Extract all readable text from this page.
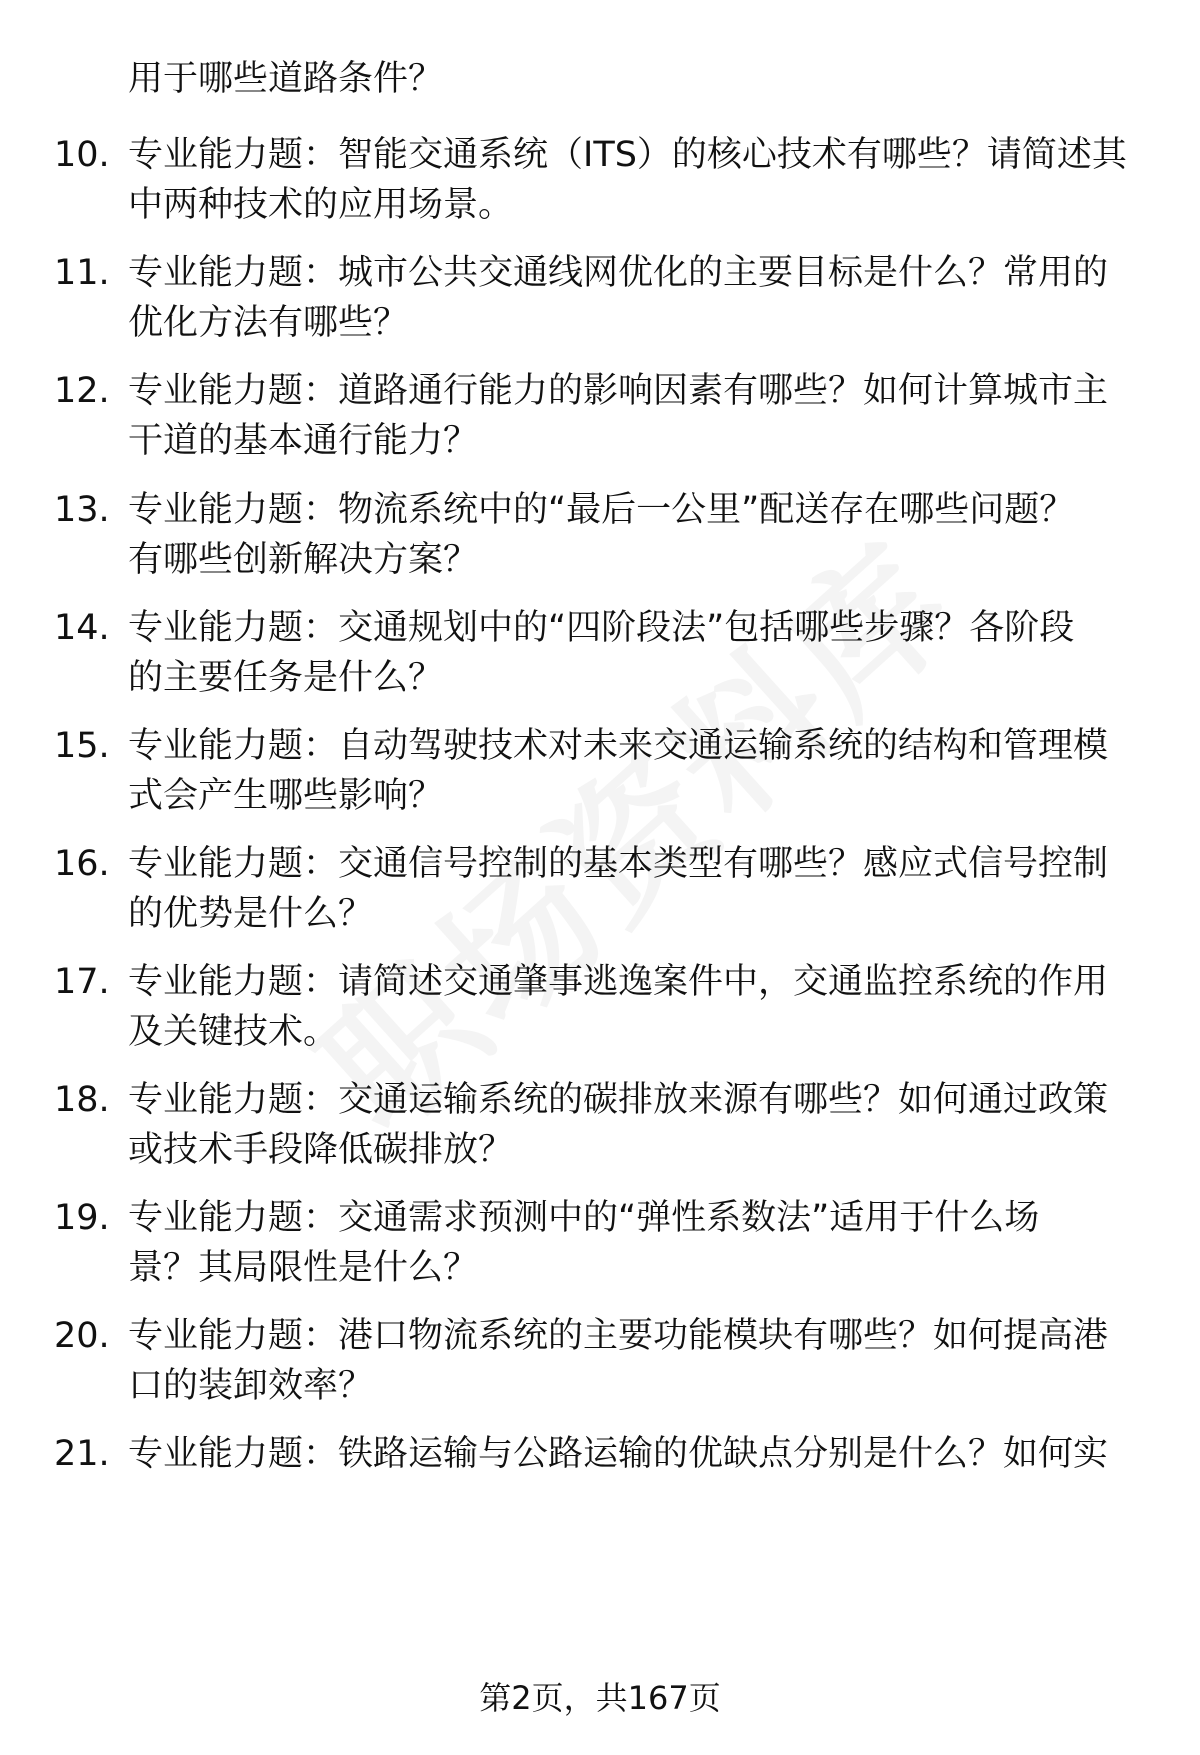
用于哪些道路条件？
10. 专业能力题：智能交通系统（ITS）的核心技术有哪些？请简述其
中两种技术的应用场景。
11. 专业能力题：城市公共交通线网优化的主要目标是什么？常用的
优化方法有哪些？
12. 专业能力题：道路通行能力的影响因素有哪些？如何计算城市主
干道的基本通行能力？
13. 专业能力题：物流系统中的“最后一公里”配送存在哪些问题？
有哪些创新解决方案？
14. 专业能力题：交通规划中的“四阶段法”包括哪些步骤？各阶段
的主要任务是什么？
15. 专业能力题：自动驾驶技术对未来交通运输系统的结构和管理模
式会产生哪些影响？
16. 专业能力题：交通信号控制的基本类型有哪些？感应式信号控制
的优势是什么？
17. 专业能力题：请简述交通肇事逃逸案件中，交通监控系统的作用
及关键技术。
18. 专业能力题：交通运输系统的碳排放来源有哪些？如何通过政策
或技术手段降低碳排放？
19. 专业能力题：交通需求预测中的“弹性系数法”适用于什么场
景？其局限性是什么？
20. 专业能力题：港口物流系统的主要功能模块有哪些？如何提高港
口的装卸效率？
21. 专业能力题：铁路运输与公路运输的优缺点分别是什么？如何实
第2页，共167页
